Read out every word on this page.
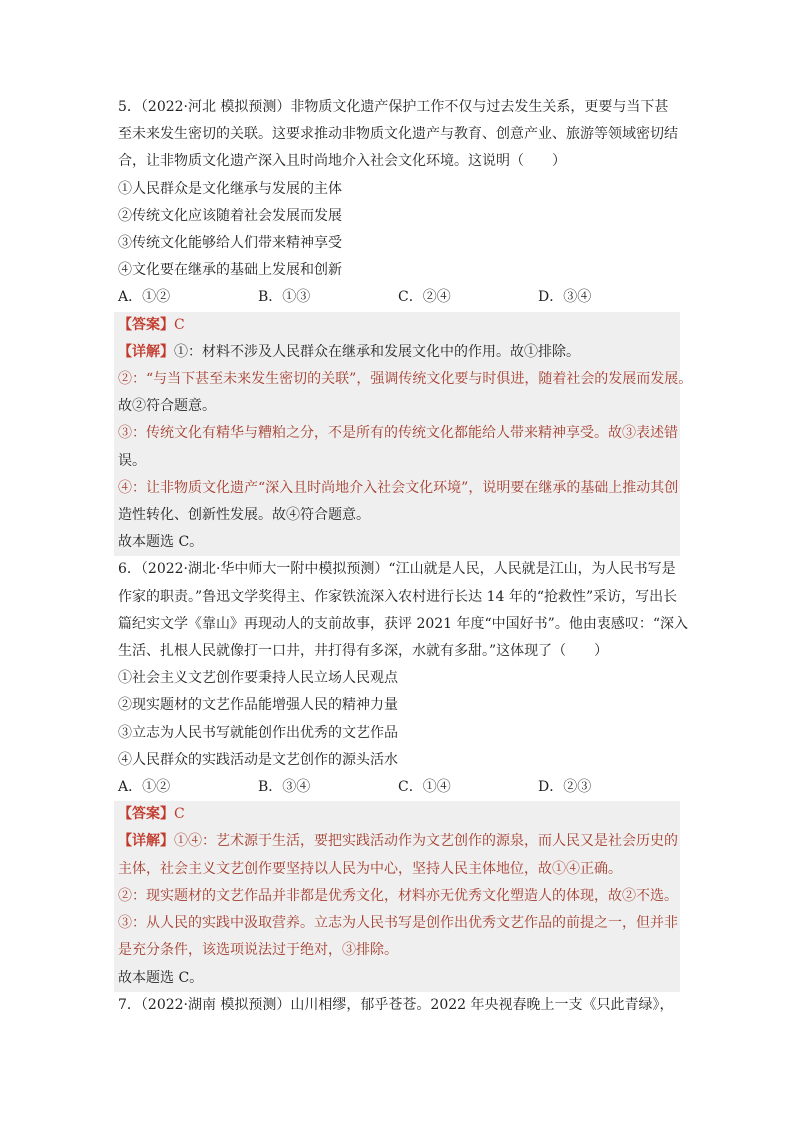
5．（2022·河北 模拟预测）非物质文化遗产保护工作不仅与过去发生关系，更要与当下甚
至未来发生密切的关联。这要求推动非物质文化遗产与教育、创意产业、旅游等领域密切结
合，让非物质文化遗产深入且时尚地介入社会文化环境。这说明（　　）
①人民群众是文化继承与发展的主体
②传统文化应该随着社会发展而发展
③传统文化能够给人们带来精神享受
④文化要在继承的基础上发展和创新
A．①②	B．①③	C．②④	D．③④
【答案】C
【详解】①：材料不涉及人民群众在继承和发展文化中的作用。故①排除。
②：“与当下甚至未来发生密切的关联”，强调传统文化要与时俱进，随着社会的发展而发展。
故②符合题意。
③：传统文化有精华与糟粕之分，不是所有的传统文化都能给人带来精神享受。故③表述错
误。
④：让非物质文化遗产“深入且时尚地介入社会文化环境”，说明要在继承的基础上推动其创
造性转化、创新性发展。故④符合题意。
故本题选 C。
6．（2022·湖北·华中师大一附中模拟预测）“江山就是人民，人民就是江山，为人民书写是
作家的职责。”鲁迅文学奖得主、作家铁流深入农村进行长达 14 年的“抢救性”采访，写出长
篇纪实文学《靠山》再现动人的支前故事，获评 2021 年度“中国好书”。他由衷感叹：“深入
生活、扎根人民就像打一口井，井打得有多深，水就有多甜。”这体现了（　　）
①社会主义文艺创作要秉持人民立场人民观点
②现实题材的文艺作品能增强人民的精神力量
③立志为人民书写就能创作出优秀的文艺作品
④人民群众的实践活动是文艺创作的源头活水
A．①②	B．③④	C．①④	D．②③
【答案】C
【详解】①④：艺术源于生活，要把实践活动作为文艺创作的源泉，而人民又是社会历史的
主体，社会主义文艺创作要坚持以人民为中心，坚持人民主体地位，故①④正确。
②：现实题材的文艺作品并非都是优秀文化，材料亦无优秀文化塑造人的体现，故②不选。
③：从人民的实践中汲取营养。立志为人民书写是创作出优秀文艺作品的前提之一，但并非
是充分条件，该选项说法过于绝对，③排除。
故本题选 C。
7．（2022·湖南 模拟预测）山川相缪，郁乎苍苍。2022 年央视春晚上一支《只此青绿》，
